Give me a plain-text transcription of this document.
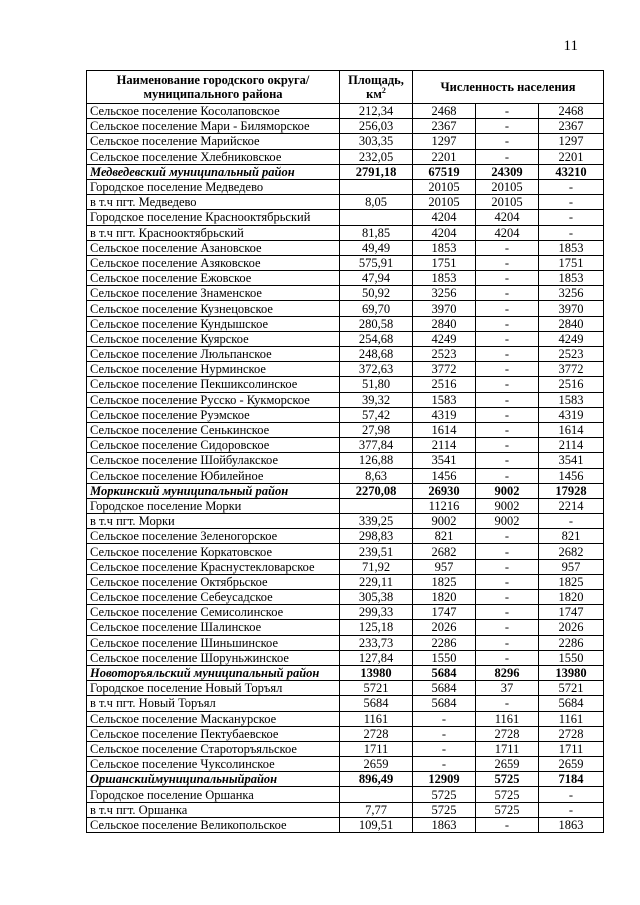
11
Наименование городского округа/ муниципального района	Площадь,
$км^2$	Численность населения		
Сельское поселение Косолаповское	212,34	2468	-	2468
Сельское поселение Мари - Биляморское	256,03	2367	-	2367
Сельское поселение Марийское	303,35	1297	-	1297
Сельское поселение Хлебниковское	232,05	2201	-	2201
Медведевский муниципальный район	2791,18	67519	24309	43210
Городское поселение Медведево		20105	20105	-
в т.ч пгт. Медведево	8,05	20105	20105	-
Городское поселение Краснооктябрьский		4204	4204	-
в т.ч пгт. Краснооктябрьский	81,85	4204	4204	-
Сельское поселение Азановское	49,49	1853	-	1853
Сельское поселение Азяковское	575,91	1751	-	1751
Сельское поселение Ежовское	47,94	1853	-	1853
Сельское поселение Знаменское	50,92	3256	-	3256
Сельское поселение Кузнецовское	69,70	3970	-	3970
Сельское поселение Кундышское	280,58	2840	-	2840
Сельское поселение Куярское	254,68	4249	-	4249
Сельское поселение Люльпанское	248,68	2523	-	2523
Сельское поселение Нурминское	372,63	3772	-	3772
Сельское поселение Пекшиксолинское	51,80	2516	-	2516
Сельское поселение Русско - Кукморское	39,32	1583	-	1583
Сельское поселение Руэмское	57,42	4319	-	4319
Сельское поселение Сенькинское	27,98	1614	-	1614
Сельское поселение Сидоровское	377,84	2114	-	2114
Сельское поселение Шойбулакское	126,88	3541	-	3541
Сельское поселение Юбилейное	8,63	1456	-	1456
Моркинский муниципальный район	2270,08	26930	9002	17928
Городское поселение Морки		11216	9002	2214
в т.ч пгт. Морки	339,25	9002	9002	-
Сельское поселение Зеленогорское	298,83	821	-	821
Сельское поселение Коркатовское	239,51	2682	-	2682
Сельское поселение Краснустекловарское	71,92	957	-	957
Сельское поселение Октябрьское	229,11	1825	-	1825
Сельское поселение Себеусадское	305,38	1820	-	1820
Сельское поселение Семисолинское	299,33	1747	-	1747
Сельское поселение Шалинское	125,18	2026	-	2026
Сельское поселение Шиньшинское	233,73	2286	-	2286
Сельское поселение Шоруньжинское	127,84	1550	-	1550
Новоторъяльский муниципальный район	13980	5684	8296	13980
Городское поселение Новый Торъял	5721	5684	37	5721
в т.ч пгт. Новый Торъял	5684	5684	-	5684
Сельское поселение Масканурское	1161	-	1161	1161
Сельское поселение Пектубаевское	2728	-	2728	2728
Сельское поселение Староторъяльское	1711	-	1711	1711
Сельское поселение Чуксолинское	2659	-	2659	2659
Оршанскиймуниципальныйрайон	896,49	12909	5725	7184
Городское поселение Оршанка		5725	5725	-
в т.ч пгт. Оршанка	7,77	5725	5725	-
Сельское поселение Великопольское	109,51	1863	-	1863
